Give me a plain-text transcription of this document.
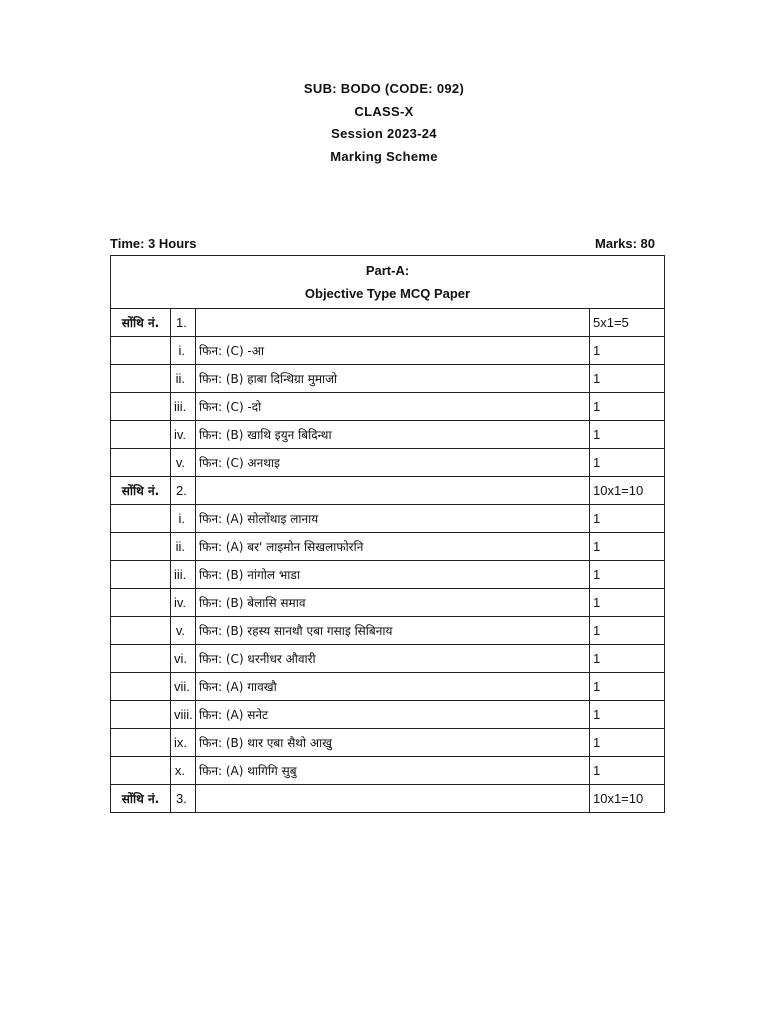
SUB: BODO (CODE: 092)
CLASS-X
Session 2023-24
Marking Scheme
Time: 3 Hours	Marks: 80
Part-A:
Objective Type MCQ Paper			

सोंथि नं.	1.		5x1=5
	i.	फिन: (C) -आ	1
	ii.	फिन: (B) हाबा दिन्थिग्रा मुमाजो	1
	iii.	फिन: (C) -दो	1
	iv.	फिन: (B) खाथि इयुन बिदिन्था	1
	v.	फिन: (C) अनथाइ	1
सोंथि नं.	2.		10x1=10
	i.	फिन: (A) सोलोंथाइ लानाय	1
	ii.	फिन: (A) बर' लाइमोन सिखलाफोरनि	1
	iii.	फिन: (B) नांगोल भाडा	1
	iv.	फिन: (B) बेलासि समाव	1
	v.	फिन: (B) रहस्य सानथौ एबा गसाइ सिबिनाय	1
	vi.	फिन: (C) धरनीधर औवारी	1
	vii.	फिन: (A) गावखौ	1
	viii.	फिन: (A) सनेट	1
	ix.	फिन: (B) थार एबा सैथो आखु	1
	x.	फिन: (A) थागिगि सुबु	1
सोंथि नं.	3.		10x1=10
